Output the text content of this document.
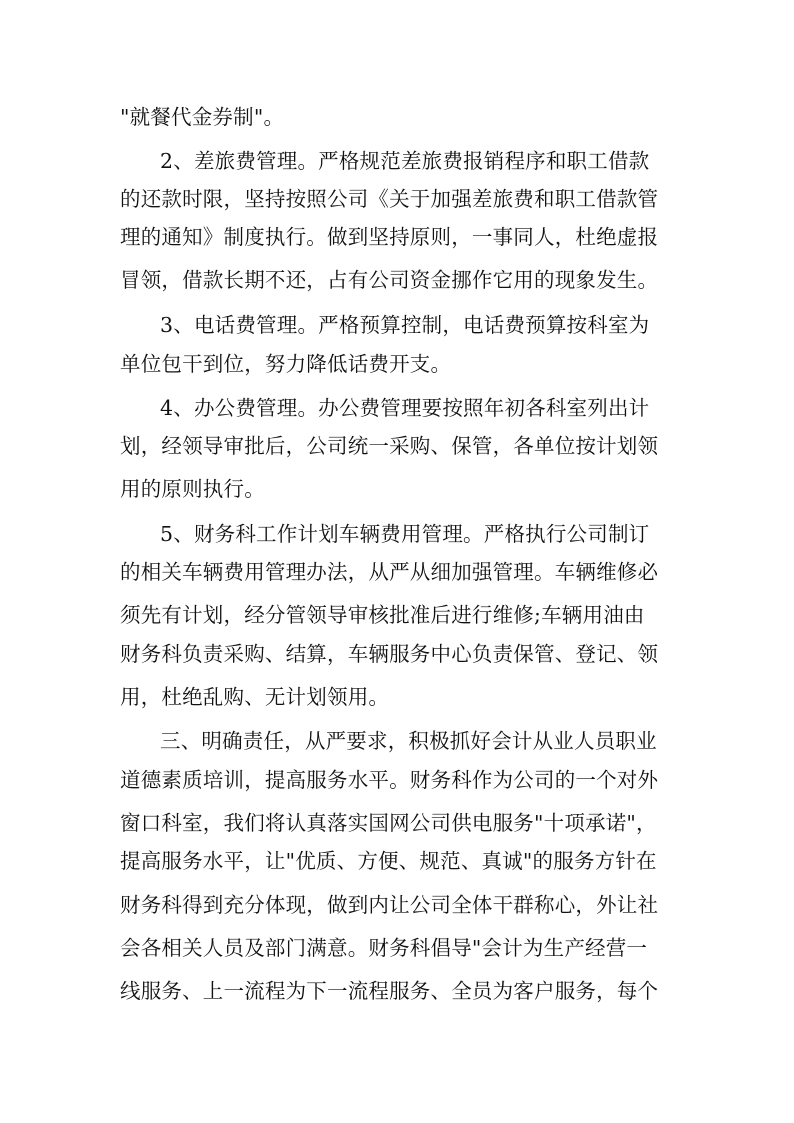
"就餐代金券制"。
2、差旅费管理。严格规范差旅费报销程序和职工借款
的还款时限，坚持按照公司《关于加强差旅费和职工借款管
理的通知》制度执行。做到坚持原则，一事同人，杜绝虚报
冒领，借款长期不还，占有公司资金挪作它用的现象发生。
3、电话费管理。严格预算控制，电话费预算按科室为
单位包干到位，努力降低话费开支。
4、办公费管理。办公费管理要按照年初各科室列出计
划，经领导审批后，公司统一采购、保管，各单位按计划领
用的原则执行。
5、财务科工作计划车辆费用管理。严格执行公司制订
的相关车辆费用管理办法，从严从细加强管理。车辆维修必
须先有计划，经分管领导审核批准后进行维修;车辆用油由
财务科负责采购、结算，车辆服务中心负责保管、登记、领
用，杜绝乱购、无计划领用。
三、明确责任，从严要求，积极抓好会计从业人员职业
道德素质培训，提高服务水平。财务科作为公司的一个对外
窗口科室，我们将认真落实国网公司供电服务"十项承诺"，
提高服务水平，让"优质、方便、规范、真诚"的服务方针在
财务科得到充分体现，做到内让公司全体干群称心，外让社
会各相关人员及部门满意。财务科倡导"会计为生产经营一
线服务、上一流程为下一流程服务、全员为客户服务，每个
